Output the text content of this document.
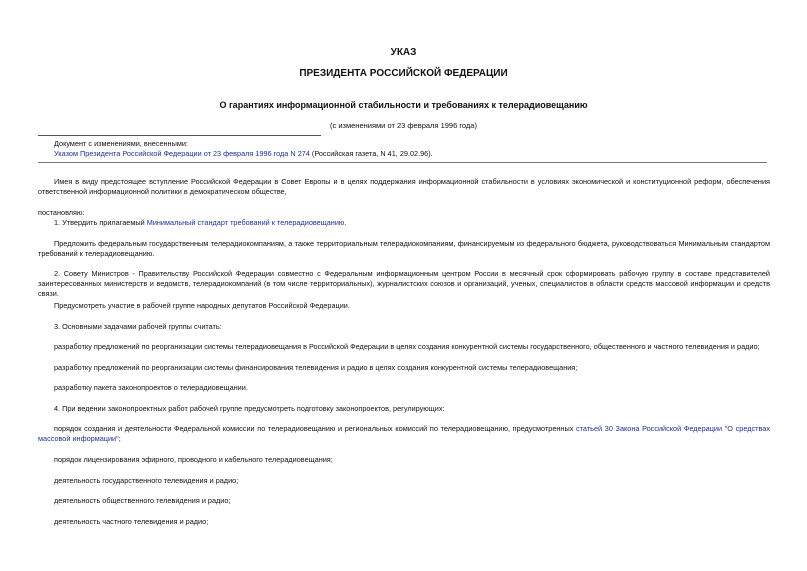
УКАЗ
ПРЕЗИДЕНТА РОССИЙСКОЙ ФЕДЕРАЦИИ
О гарантиях информационной стабильности и требованиях к телерадиовещанию
(с изменениями от 23 февраля 1996 года)
Документ с изменениями, внесенными:
Указом Президента Российской Федерации от 23 февраля 1996 года N 274 (Российская газета, N 41, 29.02.96).
Имея в виду предстоящее вступление Российской Федерации в Совет Европы и в целях поддержания информационной стабильности в условиях экономической и конституционной реформ, обеспечения ответственной информационной политики в демократическом обществе,
постановляю:
1. Утвердить прилагаемый Минимальный стандарт требований к телерадиовещанию.
Предложить федеральным государственным телерадиокомпаниям, а также территориальным телерадиокомпаниям, финансируемым из федерального бюджета, руководствоваться Минимальным стандартом требований к телерадиовещанию.
2. Совету Министров - Правительству Российской Федерации совместно с Федеральным информационным центром России в месячный срок сформировать рабочую группу в составе представителей заинтересованных министерств и ведомств, телерадиокомпаний (в том числе территориальных), журналистских союзов и организаций, ученых, специалистов в области средств массовой информации и средств связи.
Предусмотреть участие в рабочей группе народных депутатов Российской Федерации.
3. Основными задачами рабочей группы считать:
разработку предложений по реорганизации системы телерадиовещания в Российской Федерации в целях создания конкурентной системы государственного, общественного и частного телевидения и радио;
разработку предложений по реорганизации системы финансирования телевидения и радио в целях создания конкурентной системы телерадиовещания;
разработку пакета законопроектов о телерадиовещании.
4. При ведении законопроектных работ рабочей группе предусмотреть подготовку законопроектов, регулирующих:
порядок создания и деятельности Федеральной комиссии по телерадиовещанию и региональных комиссий по телерадиовещанию, предусмотренных статьей 30 Закона Российской Федерации "О средствах массовой информации";
порядок лицензирования эфирного, проводного и кабельного телерадиовещания;
деятельность государственного телевидения и радио;
деятельность общественного телевидения и радио;
деятельность частного телевидения и радио;
